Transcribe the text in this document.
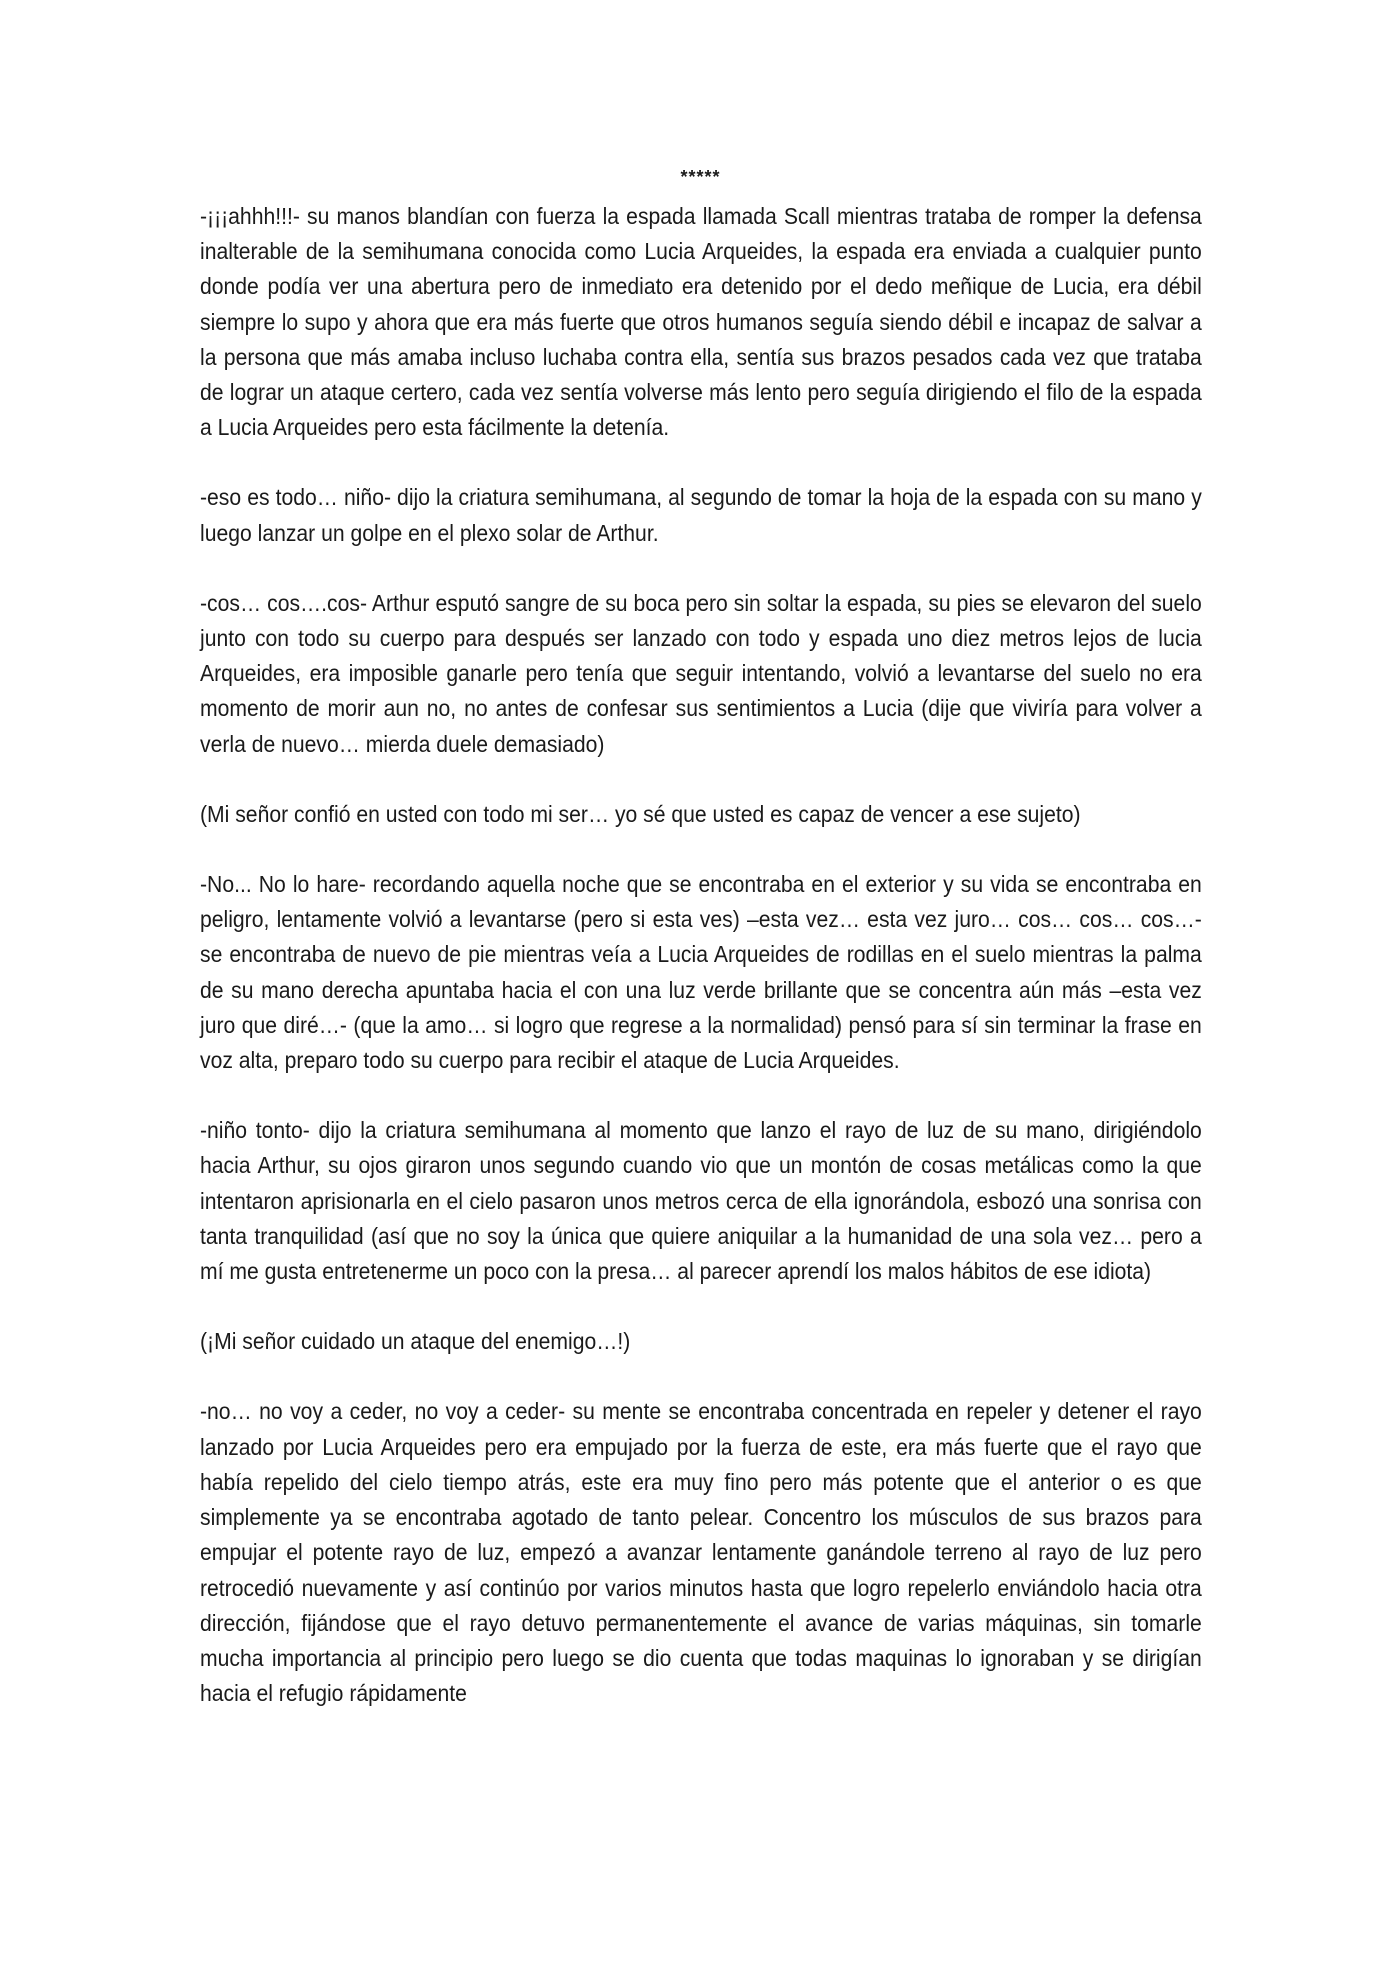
*****

-¡¡¡ahhh!!!- su manos blandían con fuerza la espada llamada Scall mientras trataba de romper la defensa inalterable de la semihumana conocida como Lucia Arqueides, la espada era enviada a cualquier punto donde podía ver una abertura pero de inmediato era detenido por el dedo meñique de Lucia, era débil siempre lo supo y ahora que era más fuerte que otros humanos seguía siendo débil e incapaz de salvar a la persona que más amaba incluso luchaba contra ella, sentía sus brazos pesados cada vez que trataba de lograr un ataque certero, cada vez sentía volverse más lento pero seguía dirigiendo el filo de la espada a Lucia Arqueides pero esta fácilmente la detenía.

-eso es todo… niño- dijo la criatura semihumana, al segundo de tomar la hoja de la espada con su mano y luego lanzar un golpe en el plexo solar de Arthur.

-cos… cos….cos- Arthur esputó sangre de su boca pero sin soltar la espada, su pies se elevaron del suelo junto con todo su cuerpo para después ser lanzado con todo y espada uno diez metros lejos de lucia Arqueides, era imposible ganarle pero tenía que seguir intentando, volvió a levantarse del suelo no era momento de morir aun no, no antes de confesar sus sentimientos a Lucia (dije que viviría para volver a verla de nuevo… mierda duele demasiado)

(Mi señor confió en usted con todo mi ser… yo sé que usted es capaz de vencer a ese sujeto)

-No... No lo hare- recordando aquella noche que se encontraba en el exterior y su vida se encontraba en peligro, lentamente volvió a levantarse (pero si esta ves) –esta vez… esta vez juro… cos… cos… cos…- se encontraba de nuevo de pie mientras veía a Lucia Arqueides de rodillas en el suelo mientras la palma de su mano derecha apuntaba hacia el con una luz verde brillante que se concentra aún más –esta vez juro que diré…- (que la amo… si logro que regrese a la normalidad) pensó para sí sin terminar la frase en voz alta, preparo todo su cuerpo para recibir el ataque de Lucia Arqueides.

-niño tonto- dijo la criatura semihumana al momento que lanzo el rayo de luz de su mano, dirigiéndolo hacia Arthur, su ojos giraron unos segundo cuando vio que un montón de cosas metálicas como la que intentaron aprisionarla en el cielo pasaron unos metros cerca de ella ignorándola, esbozó una sonrisa con tanta tranquilidad (así que no soy la única que quiere aniquilar a la humanidad de una sola vez… pero a mí me gusta entretenerme un poco con la presa… al parecer aprendí los malos hábitos de ese idiota)

(¡Mi señor cuidado un ataque del enemigo…!)

-no… no voy a ceder, no voy a ceder- su mente se encontraba concentrada en repeler y detener el rayo lanzado por Lucia Arqueides pero era empujado por la fuerza de este, era más fuerte que el rayo que había repelido del cielo tiempo atrás, este era muy fino pero más potente que el anterior o es que simplemente ya se encontraba agotado de tanto pelear. Concentro los músculos de sus brazos para empujar el potente rayo de luz, empezó a avanzar lentamente ganándole terreno al rayo de luz pero retrocedió nuevamente y así continúo por varios minutos hasta que logro repelerlo enviándolo hacia otra dirección, fijándose que el rayo detuvo permanentemente el avance de varias máquinas, sin tomarle mucha importancia al principio pero luego se dio cuenta que todas maquinas lo ignoraban y se dirigían hacia el refugio rápidamente
